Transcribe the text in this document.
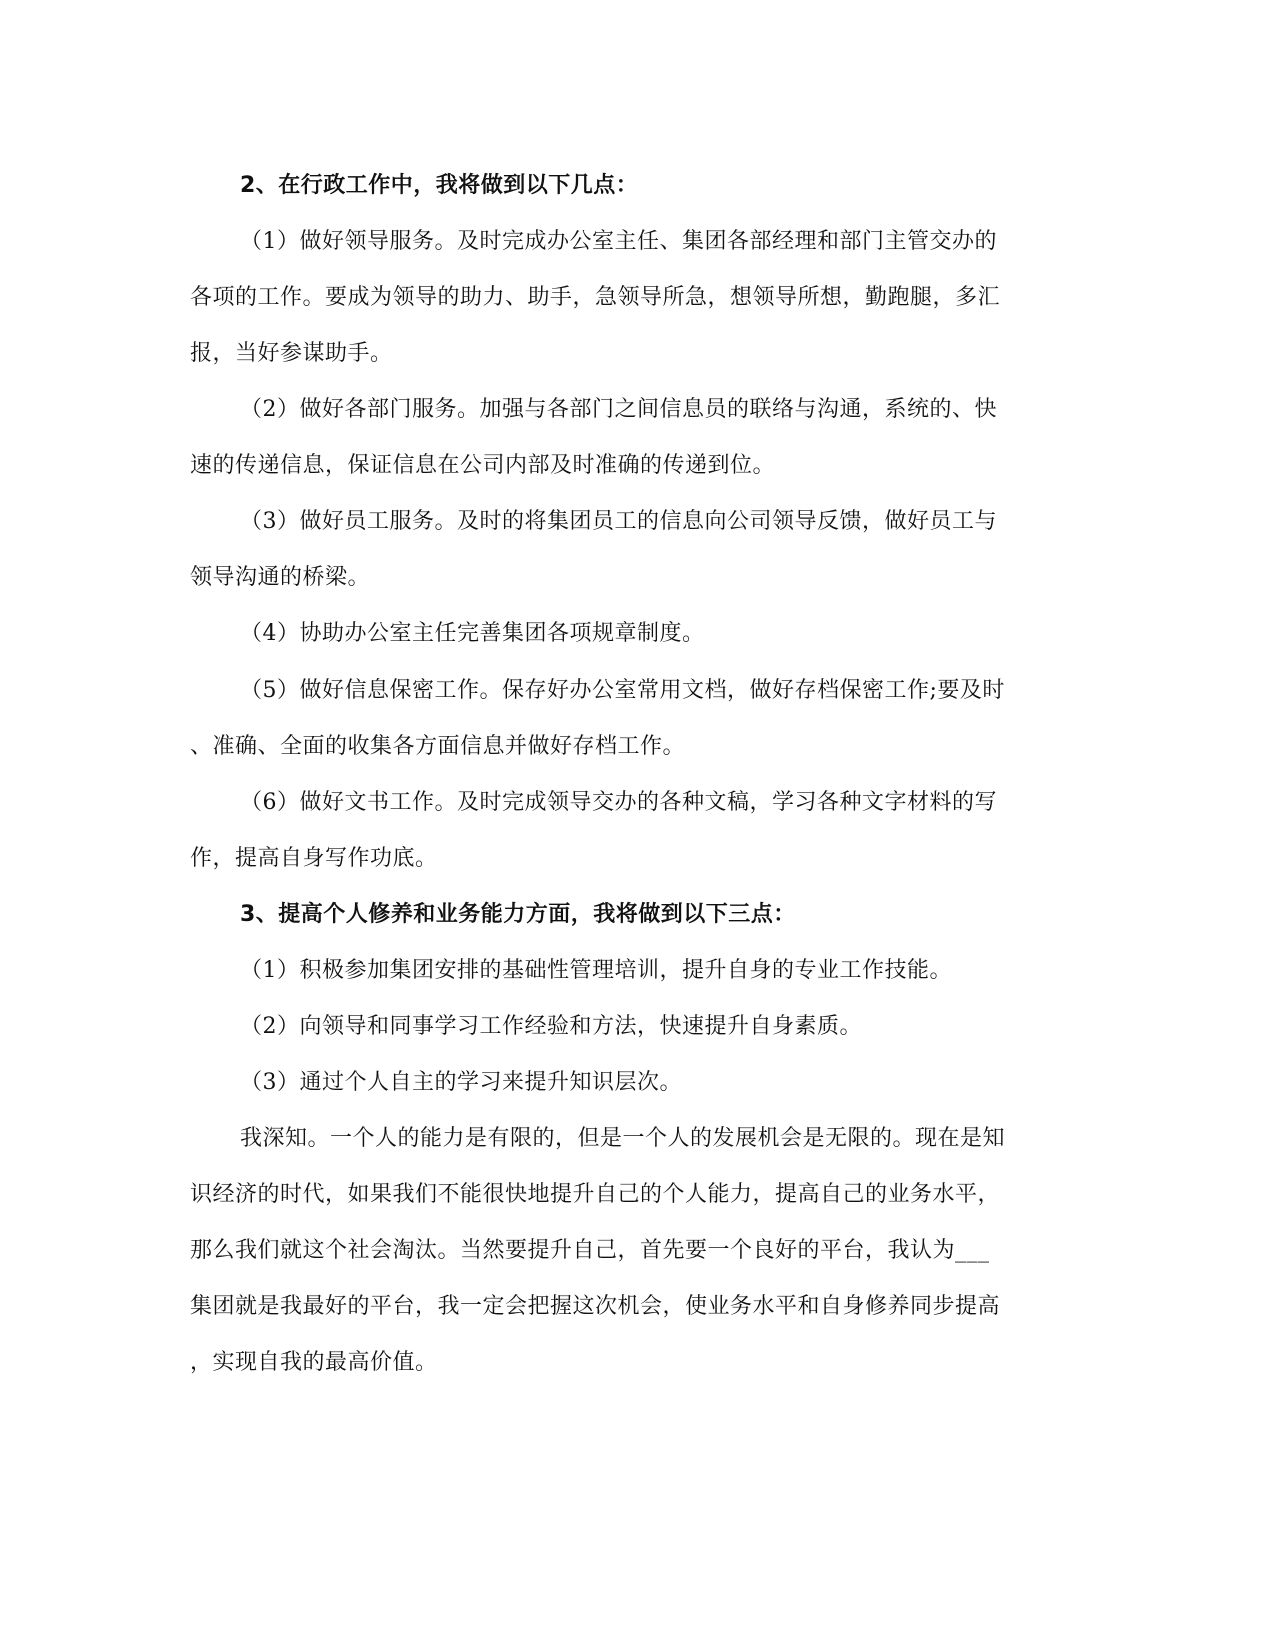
2、在行政工作中，我将做到以下几点：
（1）做好领导服务。及时完成办公室主任、集团各部经理和部门主管交办的
各项的工作。要成为领导的助力、助手，急领导所急，想领导所想，勤跑腿，多汇
报，当好参谋助手。
（2）做好各部门服务。加强与各部门之间信息员的联络与沟通，系统的、快
速的传递信息，保证信息在公司内部及时准确的传递到位。
（3）做好员工服务。及时的将集团员工的信息向公司领导反馈，做好员工与
领导沟通的桥梁。
（4）协助办公室主任完善集团各项规章制度。
（5）做好信息保密工作。保存好办公室常用文档，做好存档保密工作;要及时
、准确、全面的收集各方面信息并做好存档工作。
（6）做好文书工作。及时完成领导交办的各种文稿，学习各种文字材料的写
作，提高自身写作功底。
3、提高个人修养和业务能力方面，我将做到以下三点：
（1）积极参加集团安排的基础性管理培训，提升自身的专业工作技能。
（2）向领导和同事学习工作经验和方法，快速提升自身素质。
（3）通过个人自主的学习来提升知识层次。
我深知。一个人的能力是有限的，但是一个人的发展机会是无限的。现在是知
识经济的时代，如果我们不能很快地提升自己的个人能力，提高自己的业务水平，
那么我们就这个社会淘汰。当然要提升自己，首先要一个良好的平台，我认为___
集团就是我最好的平台，我一定会把握这次机会，使业务水平和自身修养同步提高
，实现自我的最高价值。
